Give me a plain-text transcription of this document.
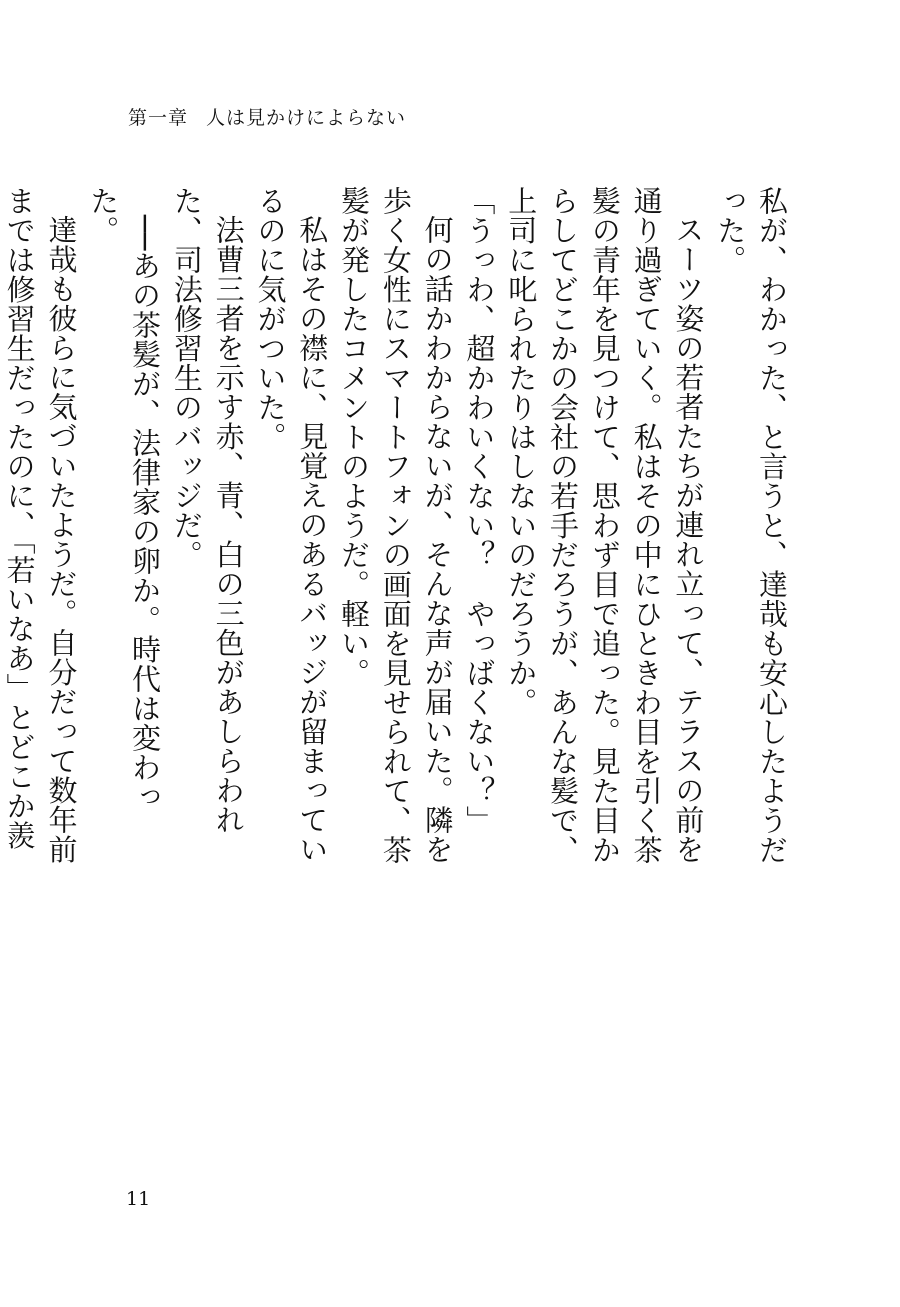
第一章 人は見かけによらない

私が、わかった、と言うと、達哉も安心したようだった。

スーツ姿の若者たちが連れ立って、テラスの前を通り過ぎていく。私はその中にひときわ目を引く茶髪の青年を見つけて、思わず目で追った。見た目からしてどこかの会社の若手だろうが、あんな髪で、上司に叱られたりはしないのだろうか。

「うっわ、超かわいくない？　やっばくない？」

何の話かわからないが、そんな声が届いた。隣を歩く女性にスマートフォンの画面を見せられて、茶髪が発したコメントのようだ。軽い。

私はその襟に、見覚えのあるバッジが留まっているのに気がついた。

法曹三者を示す赤、青、白の三色があしらわれた、司法修習生のバッジだ。

──あの茶髪が、法律家の卵か。時代は変わった。

達哉も彼らに気づいたようだ。自分だって数年前までは修習生だったのに、「若いなあ」とどこか羨

11
